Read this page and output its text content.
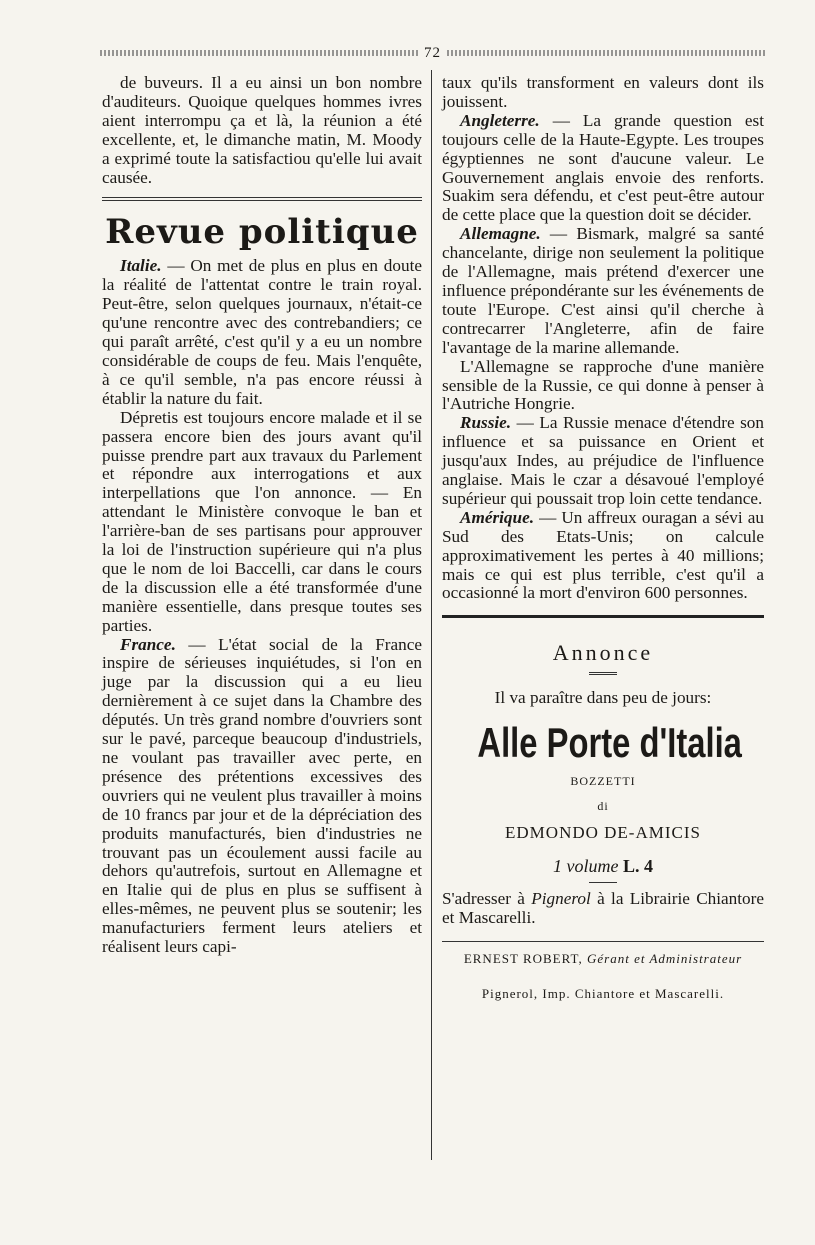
72

de buveurs. Il a eu ainsi un bon nombre d'auditeurs. Quoique quelques hommes ivres aient interrompu ça et là, la réunion a été excellente, et, le dimanche matin, M. Moody a exprimé toute la satisfactiou qu'elle lui avait causée.

Revue politique

Italie. — On met de plus en plus en doute la réalité de l'attentat contre le train royal. Peut-être, selon quelques journaux, n'était-ce qu'une rencontre avec des contrebandiers; ce qui paraît arrêté, c'est qu'il y a eu un nombre considérable de coups de feu. Mais l'enquête, à ce qu'il semble, n'a pas encore réussi à établir la nature du fait.

Dépretis est toujours encore malade et il se passera encore bien des jours avant qu'il puisse prendre part aux travaux du Parlement et répondre aux interrogations et aux interpellations que l'on annonce. — En attendant le Ministère convoque le ban et l'arrière-ban de ses partisans pour approuver la loi de l'instruction supérieure qui n'a plus que le nom de loi Baccelli, car dans le cours de la discussion elle a été transformée d'une manière essentielle, dans presque toutes ses parties.

France. — L'état social de la France inspire de sérieuses inquiétudes, si l'on en juge par la discussion qui a eu lieu dernièrement à ce sujet dans la Chambre des députés. Un très grand nombre d'ouvriers sont sur le pavé, parceque beaucoup d'industriels, ne voulant pas travailler avec perte, en présence des prétentions excessives des ouvriers qui ne veulent plus travailler à moins de 10 francs par jour et de la dépréciation des produits manufacturés, bien d'industries ne trouvant pas un écoulement aussi facile au dehors qu'autrefois, surtout en Allemagne et en Italie qui de plus en plus se suffisent à elles-mêmes, ne peuvent plus se soutenir; les manufacturiers ferment leurs ateliers et réalisent leurs capi-

taux qu'ils transforment en valeurs dont ils jouissent.

Angleterre. — La grande question est toujours celle de la Haute-Egypte. Les troupes égyptiennes ne sont d'aucune valeur. Le Gouvernement anglais envoie des renforts. Suakim sera défendu, et c'est peut-être autour de cette place que la question doit se décider.

Allemagne. — Bismark, malgré sa santé chancelante, dirige non seulement la politique de l'Allemagne, mais prétend d'exercer une influence prépondérante sur les événements de toute l'Europe. C'est ainsi qu'il cherche à contrecarrer l'Angleterre, afin de faire l'avantage de la marine allemande.

L'Allemagne se rapproche d'une manière sensible de la Russie, ce qui donne à penser à l'Autriche Hongrie.

Russie. — La Russie menace d'étendre son influence et sa puissance en Orient et jusqu'aux Indes, au préjudice de l'influence anglaise. Mais le czar a désavoué l'employé supérieur qui poussait trop loin cette tendance.

Amérique. — Un affreux ouragan a sévi au Sud des Etats-Unis; on calcule approximativement les pertes à 40 millions; mais ce qui est plus terrible, c'est qu'il a occasionné la mort d'environ 600 personnes.

Annonce
Il va paraître dans peu de jours:
Alle Porte d'Italia
BOZZETTI
di
EDMONDO DE-AMICIS
1 volume L. 4

S'adresser à Pignerol à la Librairie Chiantore et Mascarelli.

ERNEST ROBERT, Gérant et Administrateur
Pignerol, Imp. Chiantore et Mascarelli.
